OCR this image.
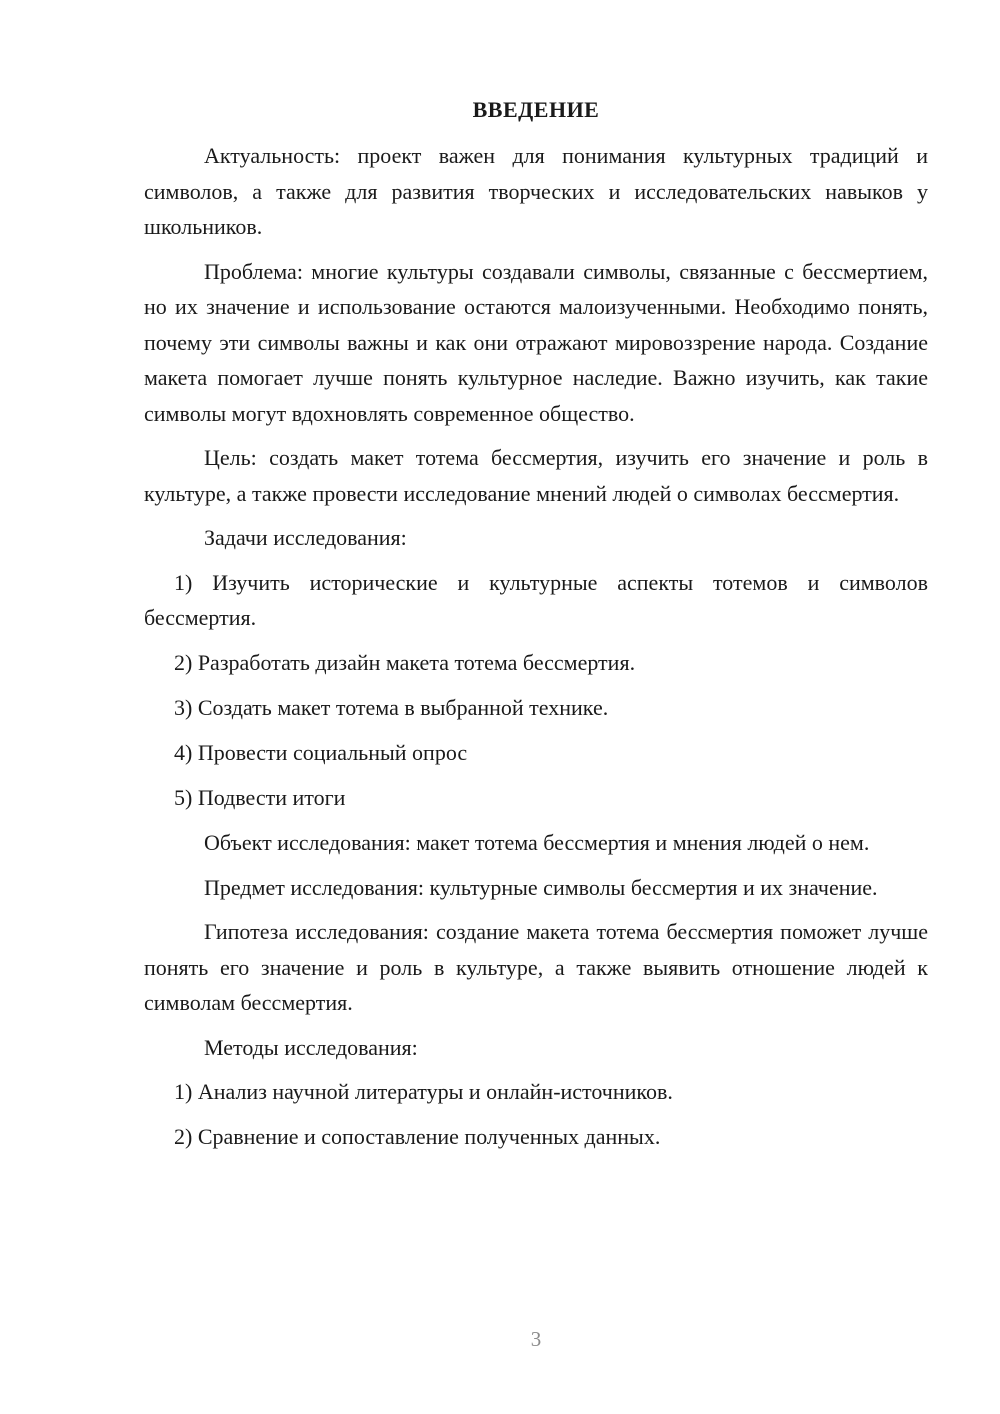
ВВЕДЕНИЕ

Актуальность: проект важен для понимания культурных традиций и символов, а также для развития творческих и исследовательских навыков у школьников.

Проблема: многие культуры создавали символы, связанные с бессмертием, но их значение и использование остаются малоизученными. Необходимо понять, почему эти символы важны и как они отражают мировоззрение народа. Создание макета помогает лучше понять культурное наследие. Важно изучить, как такие символы могут вдохновлять современное общество.

Цель: создать макет тотема бессмертия, изучить его значение и роль в культуре, а также провести исследование мнений людей о символах бессмертия.

Задачи исследования:

1) Изучить исторические и культурные аспекты тотемов и символов бессмертия.

2) Разработать дизайн макета тотема бессмертия.

3) Создать макет тотема в выбранной технике.

4) Провести социальный опрос

5) Подвести итоги

Объект исследования: макет тотема бессмертия и мнения людей о нем.

Предмет исследования: культурные символы бессмертия и их значение.

Гипотеза исследования: создание макета тотема бессмертия поможет лучше понять его значение и роль в культуре, а также выявить отношение людей к символам бессмертия.

Методы исследования:

1) Анализ научной литературы и онлайн-источников.

2) Сравнение и сопоставление полученных данных.

3
